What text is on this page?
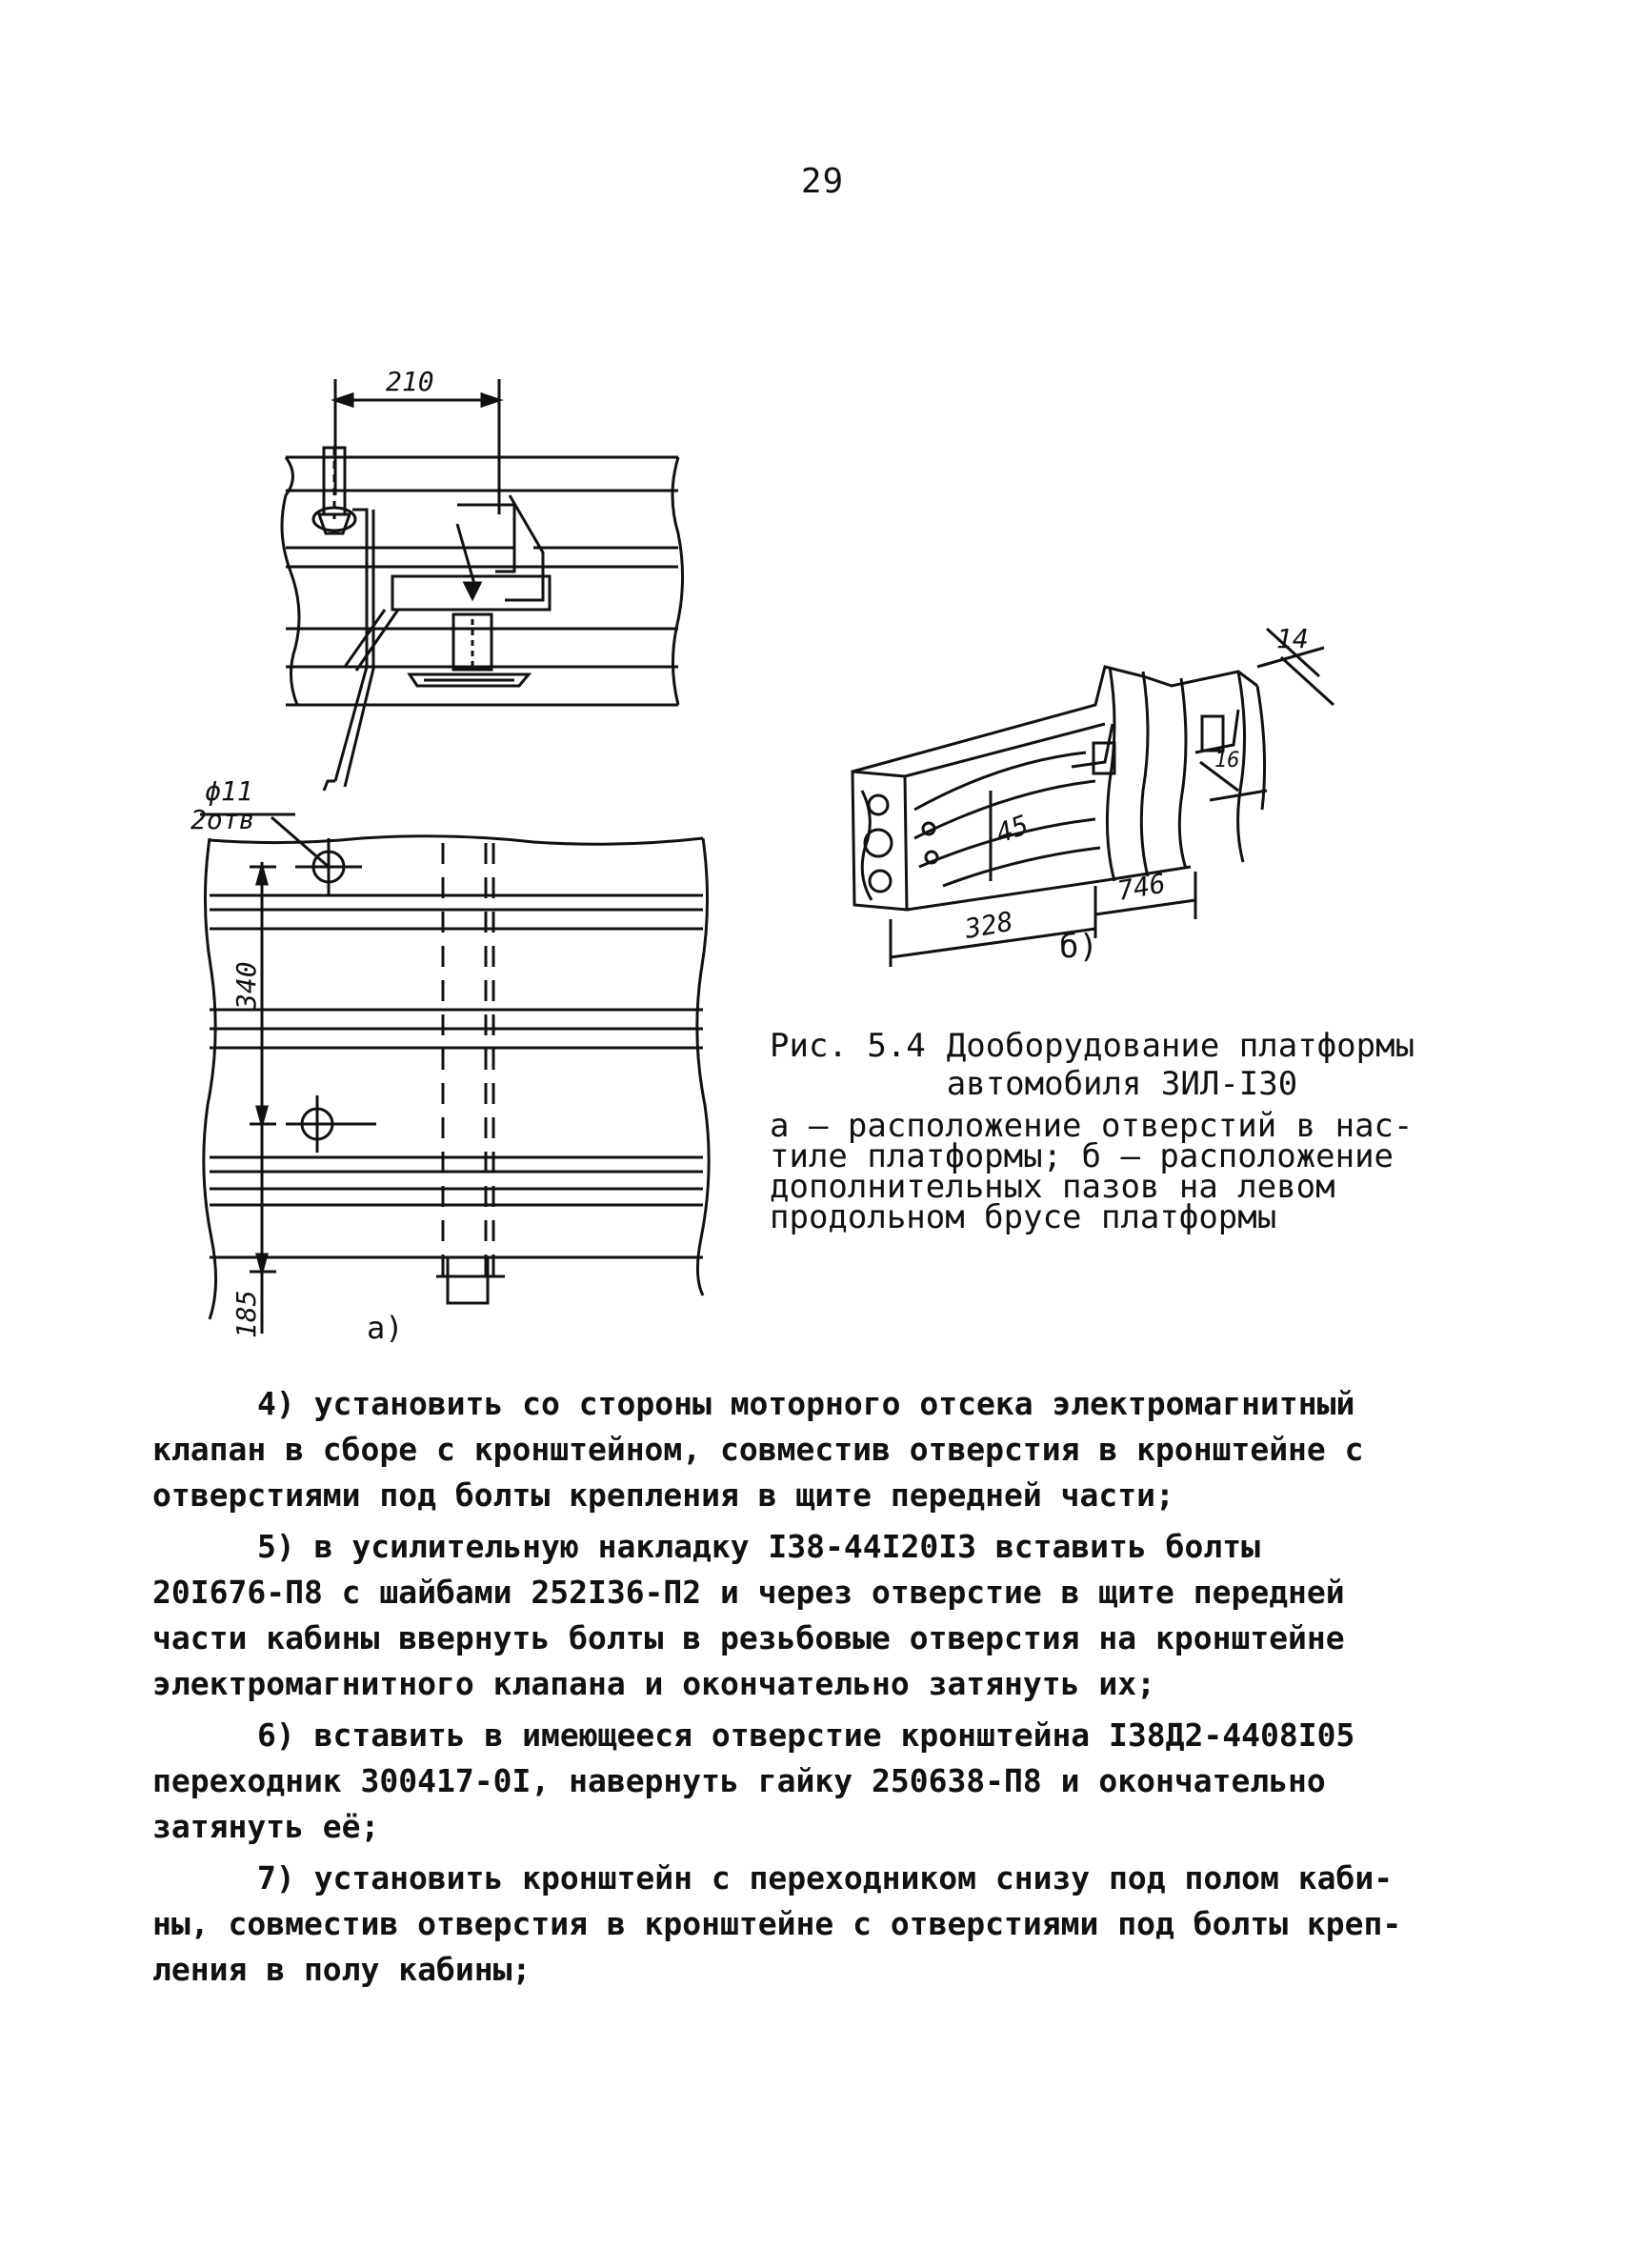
29
210
ϕ11
2отв
340
185	а)
14
45
16
328
746
б)
Рис. 5.4 Дооборудование платформы
автомобиля ЗИЛ-I30
а – расположение отверстий в нас-
тиле платформы; б – расположение
дополнительных пазов на левом
продольном брусе платформы

4) установить со стороны моторного отсека электромагнитный
клапан в сборе с кронштейном, совместив отверстия в кронштейне с
отверстиями под болты крепления в щите передней части;

5) в усилительную накладку I38-44I20I3 вставить болты
20I676-П8 с шайбами 252I36-П2 и через отверстие в щите передней
части кабины ввернуть болты в резьбовые отверстия на кронштейне
электромагнитного клапана и окончательно затянуть их;

6) вставить в имеющееся отверстие кронштейна I38Д2-4408I05
переходник 300417-0I, навернуть гайку 250638-П8 и окончательно
затянуть её;

7) установить кронштейн с переходником снизу под полом каби-
ны, совместив отверстия в кронштейне с отверстиями под болты креп-
ления в полу кабины;
